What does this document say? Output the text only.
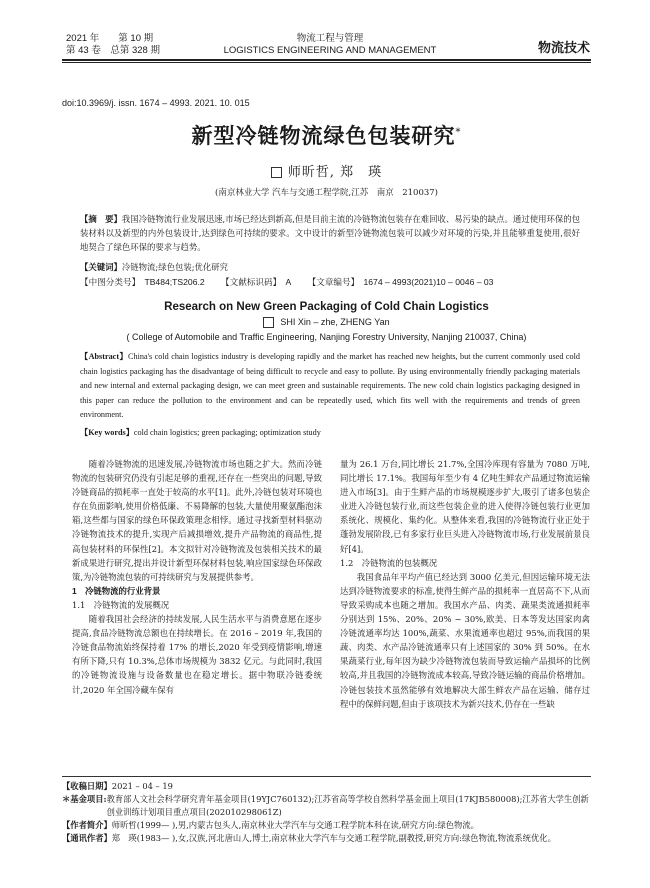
2021 年　　第 10 期
第 43 卷　总第 328 期
物流工程与管理
LOGISTICS ENGINEERING AND MANAGEMENT	物流技术
doi:10.3969/j. issn. 1674 – 4993. 2021. 10. 015
新型冷链物流绿色包装研究*
师昕哲, 郑　瑛
(南京林业大学 汽车与交通工程学院,江苏　南京　210037)
【摘　要】我国冷链物流行业发展迅速,市场已经达到新高,但是目前主流的冷链物流包装存在难回收、易污染的缺点。通过使用环保的包装材料以及新型的内外包装设计,达到绿色可持续的要求。文中设计的新型冷链物流包装可以减少对环境的污染,并且能够重复使用,很好地契合了绿色环保的要求与趋势。
【关键词】冷链物流;绿色包装;优化研究
【中图分类号】　TB484;TS206.2 【文献标识码】　A 【文章编号】　1674 – 4993(2021)10 – 0046 – 03
Research on New Green Packaging of Cold Chain Logistics
SHI Xin – zhe, ZHENG Yan
( College of Automobile and Traffic Engineering, Nanjing Forestry University, Nanjing 210037, China)
【Abstract】China's cold chain logistics industry is developing rapidly and the market has reached new heights, but the current commonly used cold chain logistics packaging has the disadvantage of being difficult to recycle and easy to pollute. By using environmentally friendly packaging materials and new internal and external packaging design, we can meet green and sustainable requirements. The new cold chain logistics packaging designed in this paper can reduce the pollution to the environment and can be repeatedly used, which fits well with the requirements and trends of green environment.
【Key words】cold chain logistics; green packaging; optimization study

随着冷链物流的迅速发展,冷链物流市场也随之扩大。然而冷链物流的包装研究仍没有引起足够的重视,还存在一些突出的问题,导致冷链商品的损耗率一直处于较高的水平[1]。此外,冷链包装对环境也存在负面影响,使用价格低廉、不易降解的包装,大量使用聚氨酯泡沫箱,这些都与国家的绿色环保政策理念相悖。通过寻找新型材料驱动冷链物流技术的提升,实现产后减损增效,提升产品物流的商品性,提高包装材料的环保性[2]。本文拟针对冷链物流及包装相关技术的最新成果进行研究,提出并设计新型环保材料包装,响应国家绿色环保政策,为冷链物流包装的可持续研究与发展提供参考。

1　冷链物流的行业背景

1.1　冷链物流的发展概况

随着我国社会经济的持续发展,人民生活水平与消费意愿在逐步提高,食品冷链物流总额也在持续增长。在 2016 – 2019 年,我国的冷链食品物流始终保持着 17% 的增长,2020 年受到疫情影响,增速有所下降,只有 10.3%,总体市场规模为 3832 亿元。与此同时,我国的冷链物流设施与设备数量也在稳定增长。据中物联冷链委统计,2020 年全国冷藏车保有

量为 26.1 万台,同比增长 21.7%,全国冷库现有容量为 7080 万吨,同比增长 17.1%。我国每年至少有 4 亿吨生鲜农产品通过物流运输进入市场[3]。由于生鲜产品的市场规模逐步扩大,吸引了诸多包装企业进入冷链包装行业,而这些包装企业的进入使得冷链包装行业更加系统化、规模化、集约化。从整体来看,我国的冷链物流行业正处于蓬勃发展阶段,已有多家行业巨头进入冷链物流市场,行业发展前景良好[4]。

1.2　冷链物流的包装概况

我国食品年平均产值已经达到 3000 亿美元,但因运输环境无法达到冷链物流要求的标准,使得生鲜产品的损耗率一直居高不下,从而导致采购成本也随之增加。我国水产品、肉类、蔬果类流通损耗率分别达到 15%、20%、20% ~ 30%,欧美、日本等发达国家肉禽冷链流通率均达 100%,蔬菜、水果流通率也超过 95%,而我国的果蔬、肉类、水产品冷链流通率只有上述国家的 30% 到 50%。在水果蔬菜行业,每年因为缺少冷链物流包装而导致运输产品损坏的比例较高,并且我国的冷链物流成本较高,导致冷链运输的商品价格增加。冷链包装技术虽然能够有效地解决大部生鲜农产品在运输、储存过程中的保鲜问题,但由于该项技术为新兴技术,仍存在一些缺

【收稿日期】 2021 – 04 – 19
＊基金项目: 教育部人文社会科学研究青年基金项目(19YJC760132);江苏省高等学校自然科学基金面上项目(17KJB580008);江苏省大学生创新创业训练计划项目重点项目(202010298061Z)
【作者简介】 师昕哲(1999— ),男,内蒙古包头人,南京林业大学汽车与交通工程学院本科在读,研究方向:绿色物流。
【通讯作者】 郑　瑛(1983— ),女,汉族,河北唐山人,博士,南京林业大学汽车与交通工程学院,副教授,研究方向:绿色物流,物流系统优化。
